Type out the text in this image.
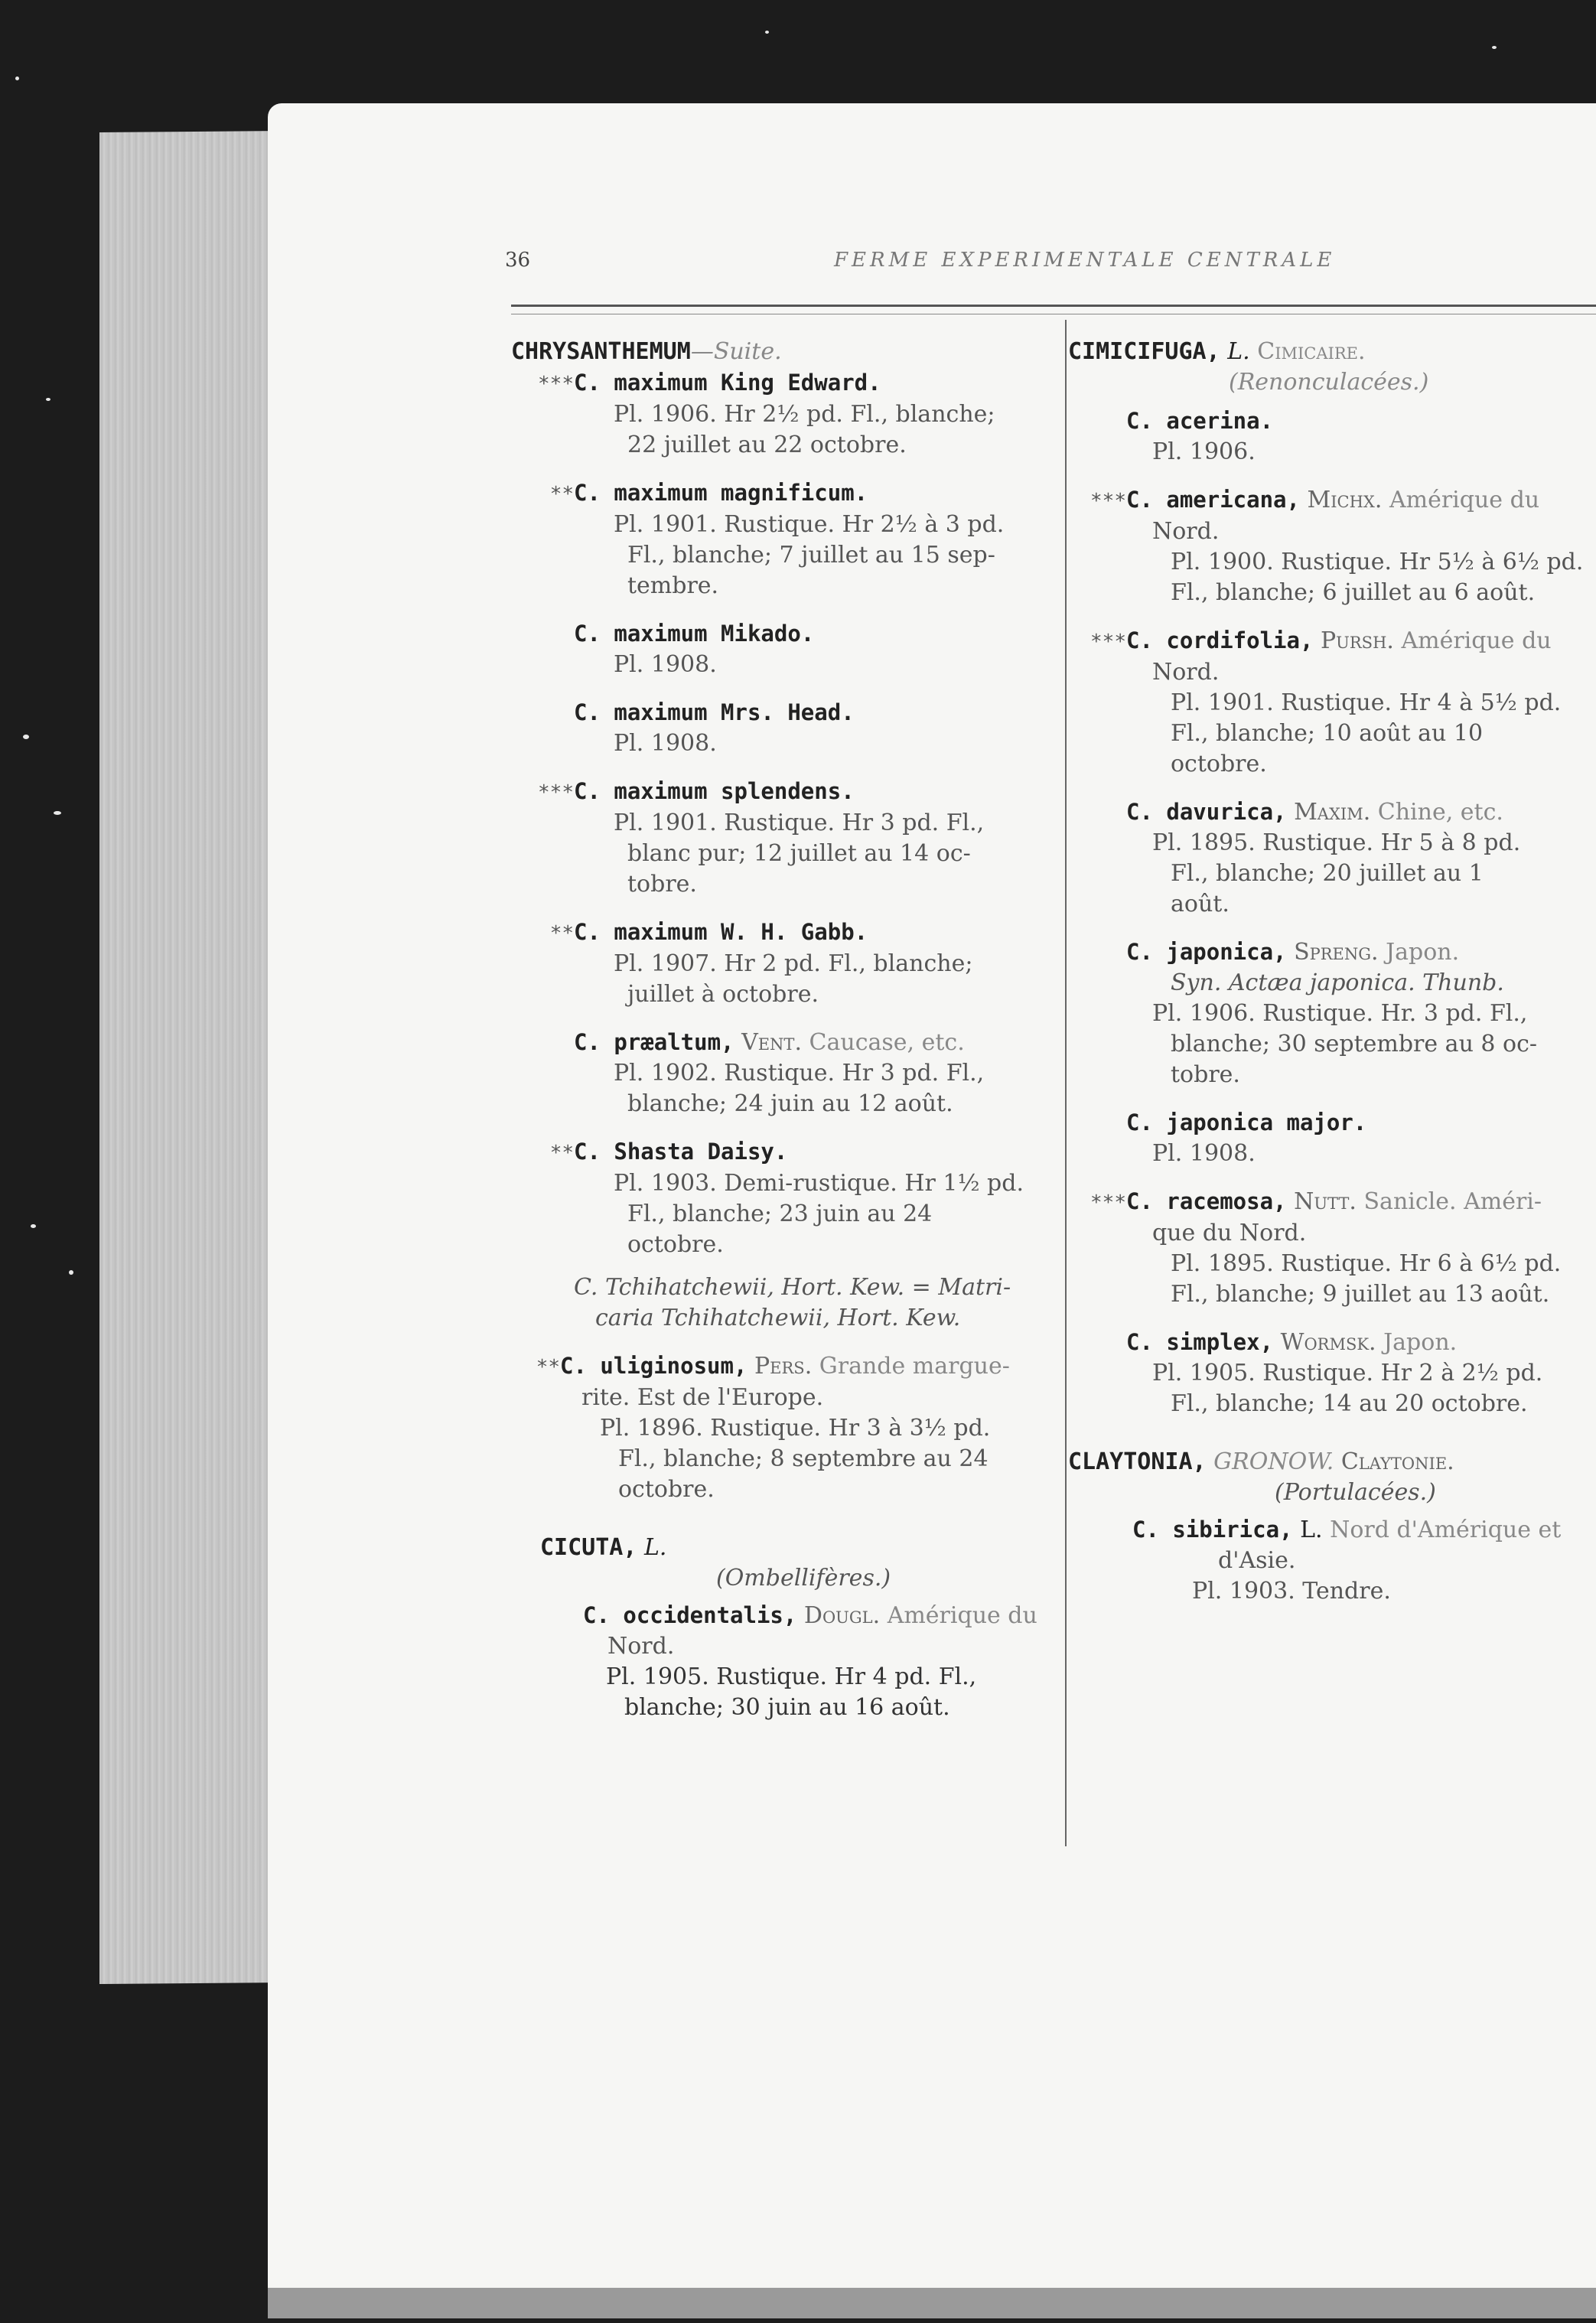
36	FERME EXPERIMENTALE CENTRALE

CHRYSANTHEMUM—Suite.

***C. maximum King Edward.

Pl. 1906. Hr 2½ pd. Fl., blanche;

22 juillet au 22 octobre.

**C. maximum magnificum.

Pl. 1901. Rustique. Hr 2½ à 3 pd.

Fl., blanche; 7 juillet au 15 sep-

tembre.

C. maximum Mikado.

Pl. 1908.

C. maximum Mrs. Head.

Pl. 1908.

***C. maximum splendens.

Pl. 1901. Rustique. Hr 3 pd. Fl.,

blanc pur; 12 juillet au 14 oc-

tobre.

**C. maximum W. H. Gabb.

Pl. 1907. Hr 2 pd. Fl., blanche;

juillet à octobre.

C. præaltum, Vent. Caucase, etc.

Pl. 1902. Rustique. Hr 3 pd. Fl.,

blanche; 24 juin au 12 août.

**C. Shasta Daisy.

Pl. 1903. Demi-rustique. Hr 1½ pd.

Fl., blanche; 23 juin au 24

octobre.

C. Tchihatchewii, Hort. Kew. = Matri-

caria Tchihatchewii, Hort. Kew.

**C. uliginosum, Pers. Grande margue-

rite. Est de l'Europe.

Pl. 1896. Rustique. Hr 3 à 3½ pd.

Fl., blanche; 8 septembre au 24

octobre.

CICUTA, L.

(Ombellifères.)

C. occidentalis, Dougl. Amérique du

Nord.

Pl. 1905. Rustique. Hr 4 pd. Fl.,

blanche; 30 juin au 16 août.

CIMICIFUGA, L. Cimicaire.

(Renonculacées.)

C. acerina.

Pl. 1906.

***C. americana, Michx. Amérique du

Nord.

Pl. 1900. Rustique. Hr 5½ à 6½ pd.

Fl., blanche; 6 juillet au 6 août.

***C. cordifolia, Pursh. Amérique du

Nord.

Pl. 1901. Rustique. Hr 4 à 5½ pd.

Fl., blanche; 10 août au 10

octobre.

C. davurica, Maxim. Chine, etc.

Pl. 1895. Rustique. Hr 5 à 8 pd.

Fl., blanche; 20 juillet au 1

août.

C. japonica, Spreng. Japon.

Syn. Actæa japonica. Thunb.

Pl. 1906. Rustique. Hr. 3 pd. Fl.,

blanche; 30 septembre au 8 oc-

tobre.

C. japonica major.

Pl. 1908.

***C. racemosa, Nutt. Sanicle. Améri-

que du Nord.

Pl. 1895. Rustique. Hr 6 à 6½ pd.

Fl., blanche; 9 juillet au 13 août.

C. simplex, Wormsk. Japon.

Pl. 1905. Rustique. Hr 2 à 2½ pd.

Fl., blanche; 14 au 20 octobre.

CLAYTONIA, GRONOW. Claytonie.

(Portulacées.)

C. sibirica, L. Nord d'Amérique et

d'Asie.

Pl. 1903. Tendre.
